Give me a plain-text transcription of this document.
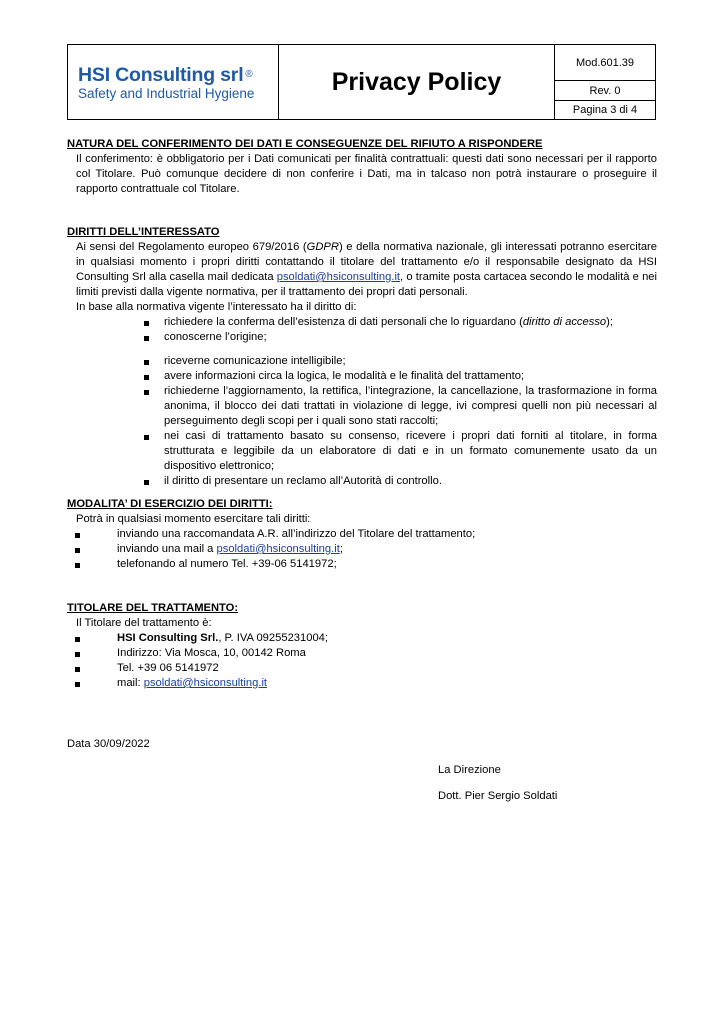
HSI Consulting srl ®
Safety and Industrial Hygiene	Privacy Policy
Mod.601.39
Rev. 0
Pagina 3 di 4
NATURA DEL CONFERIMENTO DEI DATI E CONSEGUENZE DEL RIFIUTO A RISPONDERE
Il conferimento: è obbligatorio per i Dati comunicati per finalità contrattuali: questi dati sono necessari per il rapporto col Titolare. Può comunque decidere di non conferire i Dati, ma in talcaso non potrà instaurare o proseguire il rapporto contrattuale col Titolare.
DIRITTI DELL’INTERESSATO
Ai sensi del Regolamento europeo 679/2016 (GDPR) e della normativa nazionale, gli interessati potranno esercitare in qualsiasi momento i propri diritti contattando il titolare del trattamento e/o il responsabile designato da HSI Consulting Srl alla casella mail dedicata psoldati@hsiconsulting.it, o tramite posta cartacea secondo le modalità e nei limiti previsti dalla vigente normativa, per il trattamento dei propri dati personali.
In base alla normativa vigente l’interessato ha il diritto di:
richiedere la conferma dell’esistenza di dati personali che lo riguardano (diritto di accesso);
conoscerne l’origine;
riceverne comunicazione intelligibile;
avere informazioni circa la logica, le modalità e le finalità del trattamento;
richiederne l’aggiornamento, la rettifica, l’integrazione, la cancellazione, la trasformazione in forma anonima, il blocco dei dati trattati in violazione di legge, ivi compresi quelli non più necessari al perseguimento degli scopi per i quali sono stati raccolti;
nei casi di trattamento basato su consenso, ricevere i propri dati forniti al titolare, in forma strutturata e leggibile da un elaboratore di dati e in un formato comunemente usato da un dispositivo elettronico;
il diritto di presentare un reclamo all’Autorità di controllo.
MODALITA’ DI ESERCIZIO DEI DIRITTI:
Potrà in qualsiasi momento esercitare tali diritti:
inviando una raccomandata A.R. all’indirizzo del Titolare del trattamento;
inviando una mail a psoldati@hsiconsulting.it;
telefonando al numero Tel. +39-06 5141972;
TITOLARE DEL TRATTAMENTO:
Il Titolare del trattamento è:
HSI Consulting Srl., P. IVA 09255231004;
Indirizzo: Via Mosca, 10, 00142 Roma
Tel. +39 06 5141972
mail: psoldati@hsiconsulting.it
Data 30/09/2022
La Direzione
Dott. Pier Sergio Soldati
